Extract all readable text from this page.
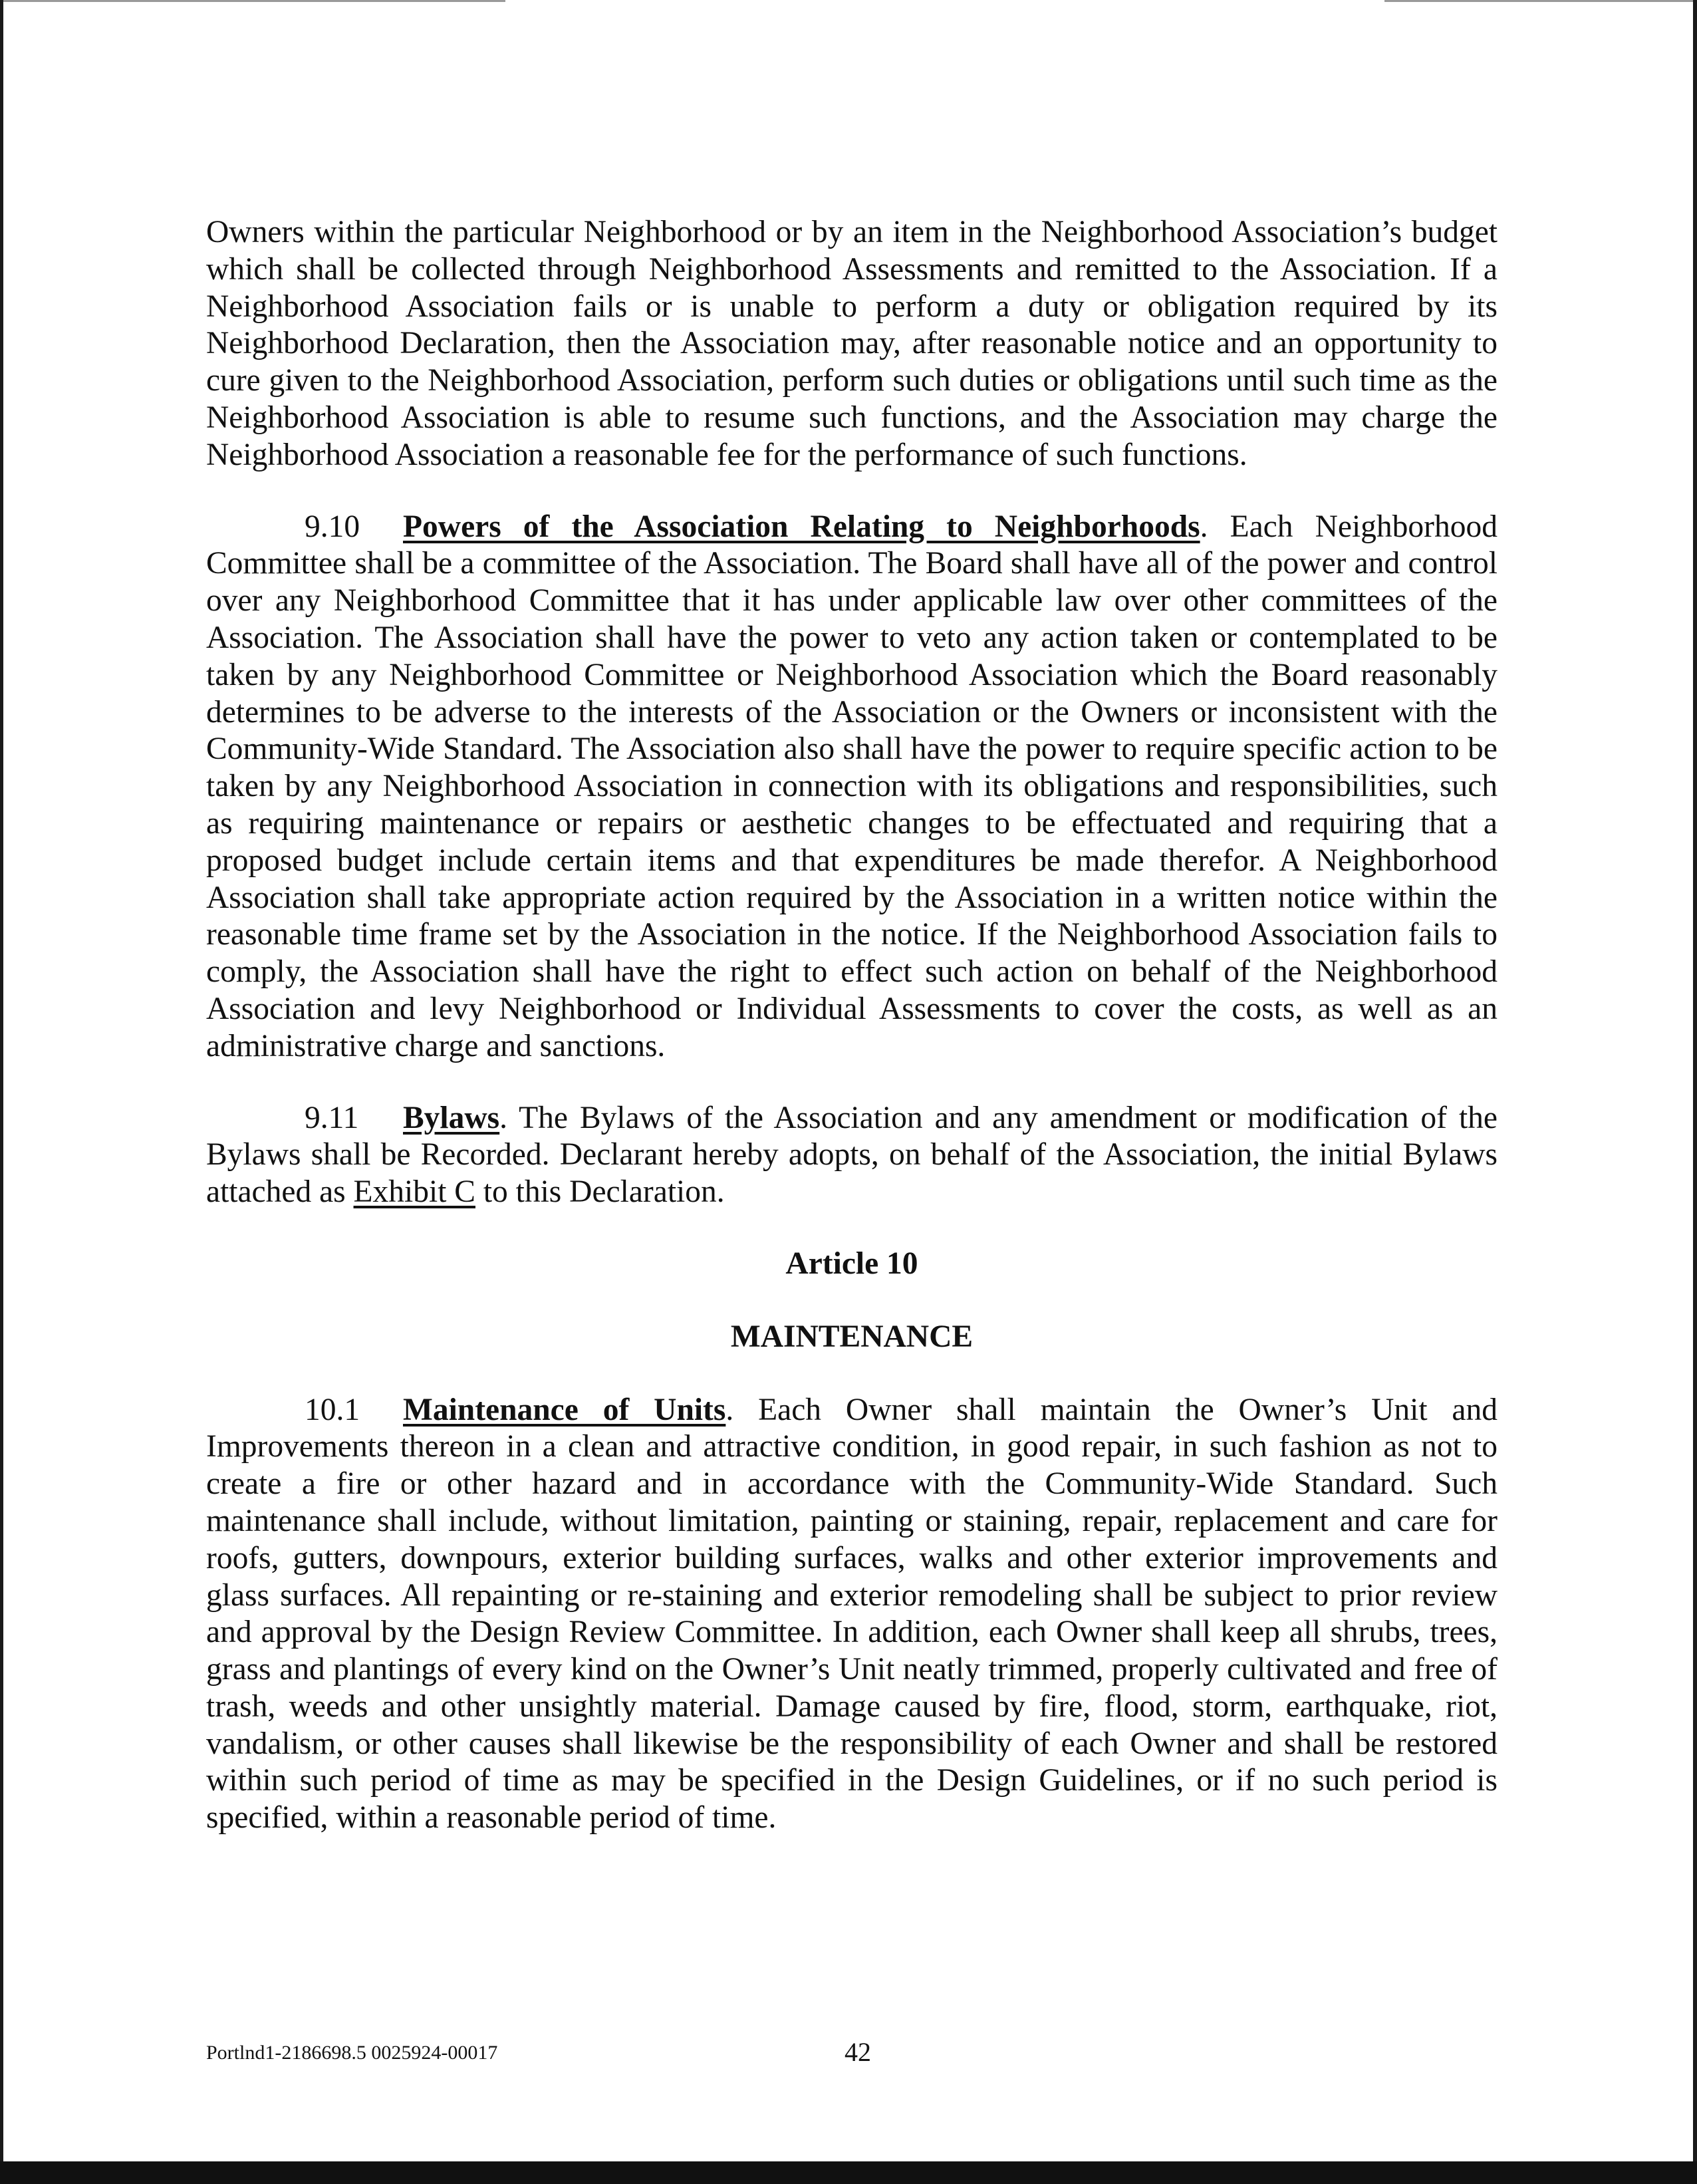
Owners within the particular Neighborhood or by an item in the Neighborhood Association’s budget which shall be collected through Neighborhood Assessments and remitted to the Association. If a Neighborhood Association fails or is unable to perform a duty or obligation required by its Neighborhood Declaration, then the Association may, after reasonable notice and an opportunity to cure given to the Neighborhood Association, perform such duties or obligations until such time as the Neighborhood Association is able to resume such functions, and the Association may charge the Neighborhood Association a reasonable fee for the performance of such functions.

9.10 Powers of the Association Relating to Neighborhoods. Each Neighborhood Committee shall be a committee of the Association. The Board shall have all of the power and control over any Neighborhood Committee that it has under applicable law over other committees of the Association. The Association shall have the power to veto any action taken or contemplated to be taken by any Neighborhood Committee or Neighborhood Association which the Board reasonably determines to be adverse to the interests of the Association or the Owners or inconsistent with the Community-Wide Standard. The Association also shall have the power to require specific action to be taken by any Neighborhood Association in connection with its obligations and responsibilities, such as requiring maintenance or repairs or aesthetic changes to be effectuated and requiring that a proposed budget include certain items and that expenditures be made therefor. A Neighborhood Association shall take appropriate action required by the Association in a written notice within the reasonable time frame set by the Association in the notice. If the Neighborhood Association fails to comply, the Association shall have the right to effect such action on behalf of the Neighborhood Association and levy Neighborhood or Individual Assessments to cover the costs, as well as an administrative charge and sanctions.

9.11 Bylaws. The Bylaws of the Association and any amendment or modification of the Bylaws shall be Recorded. Declarant hereby adopts, on behalf of the Association, the initial Bylaws attached as Exhibit C to this Declaration.

Article 10

MAINTENANCE

10.1 Maintenance of Units. Each Owner shall maintain the Owner’s Unit and Improvements thereon in a clean and attractive condition, in good repair, in such fashion as not to create a fire or other hazard and in accordance with the Community-Wide Standard. Such maintenance shall include, without limitation, painting or staining, repair, replacement and care for roofs, gutters, downpours, exterior building surfaces, walks and other exterior improvements and glass surfaces. All repainting or re-staining and exterior remodeling shall be subject to prior review and approval by the Design Review Committee. In addition, each Owner shall keep all shrubs, trees, grass and plantings of every kind on the Owner’s Unit neatly trimmed, properly cultivated and free of trash, weeds and other unsightly material. Damage caused by fire, flood, storm, earthquake, riot, vandalism, or other causes shall likewise be the responsibility of each Owner and shall be restored within such period of time as may be specified in the Design Guidelines, or if no such period is specified, within a reasonable period of time.

Portlnd1-2186698.5 0025924-00017	42
